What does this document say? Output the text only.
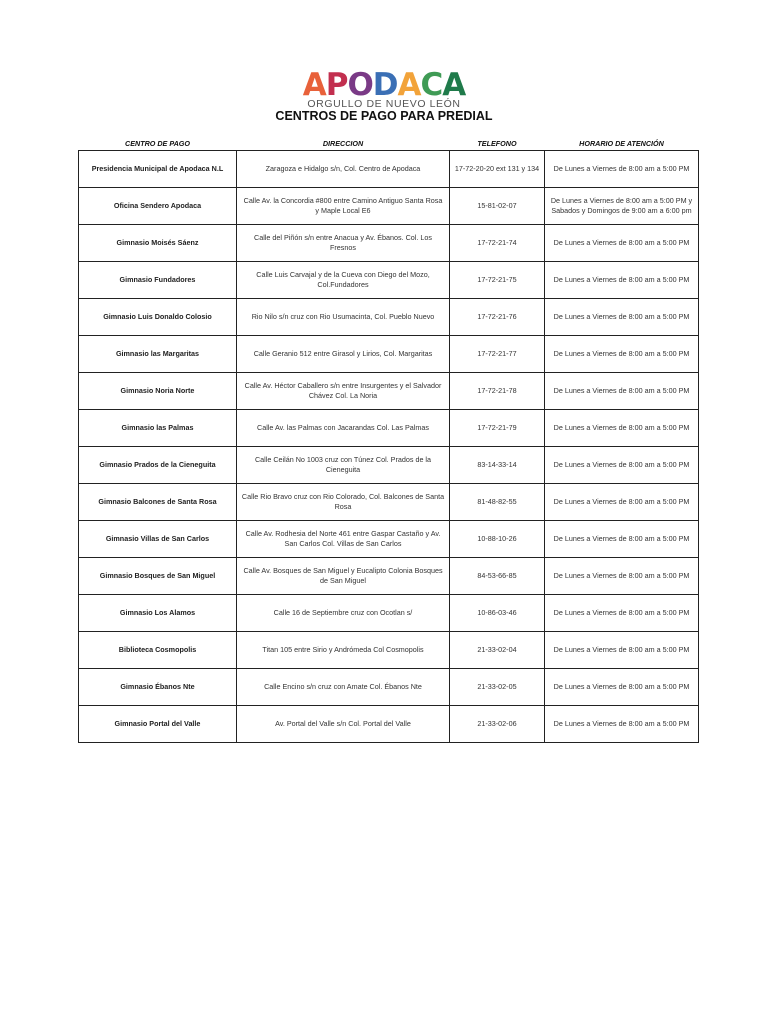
APODACA
ORGULLO DE NUEVO LEÓN
CENTROS DE PAGO PARA PREDIAL
CENTRO DE PAGO	DIRECCION	TELEFONO	HORARIO DE ATENCIÓN
Presidencia Municipal de Apodaca N.L	Zaragoza e Hidalgo s/n, Col. Centro de Apodaca	17-72-20-20 ext 131 y 134	De Lunes a Viernes de 8:00 am a 5:00 PM
Oficina Sendero Apodaca	Calle Av. la Concordia #800 entre Camino Antiguo Santa Rosa y Maple Local E6	15-81-02-07	De Lunes a Viernes de 8:00 am a 5:00 PM y Sabados y Domingos de 9:00 am a 6:00 pm
Gimnasio Moisés Sáenz	Calle del Piñón s/n entre Anacua y Av. Ébanos. Col. Los Fresnos	17-72-21-74	De Lunes a Viernes de 8:00 am a 5:00 PM
Gimnasio Fundadores	Calle Luis Carvajal y de la Cueva con Diego del Mozo, Col.Fundadores	17-72-21-75	De Lunes a Viernes de 8:00 am a 5:00 PM
Gimnasio Luis Donaldo Colosio	Rio Nilo s/n cruz con Rio Usumacinta, Col. Pueblo Nuevo	17-72-21-76	De Lunes a Viernes de 8:00 am a 5:00 PM
Gimnasio las Margaritas	Calle Geranio 512 entre Girasol y Lirios, Col. Margaritas	17-72-21-77	De Lunes a Viernes de 8:00 am a 5:00 PM
Gimnasio Noria Norte	Calle Av. Héctor Caballero s/n entre Insurgentes y el Salvador Chávez Col. La Noria	17-72-21-78	De Lunes a Viernes de 8:00 am a 5:00 PM
Gimnasio las Palmas	Calle Av. las Palmas con Jacarandas Col. Las Palmas	17-72-21-79	De Lunes a Viernes de 8:00 am a 5:00 PM
Gimnasio Prados de la Cieneguita	Calle Ceilán No 1003 cruz con Túnez Col. Prados de la Cieneguita	83-14-33-14	De Lunes a Viernes de 8:00 am a 5:00 PM
Gimnasio Balcones de Santa Rosa	Calle Rio Bravo cruz con Rio Colorado, Col. Balcones de Santa Rosa	81-48-82-55	De Lunes a Viernes de 8:00 am a 5:00 PM
Gimnasio Villas de San Carlos	Calle Av. Rodhesia del Norte 461 entre Gaspar Castaño y Av. San Carlos Col. Villas de San Carlos	10-88-10-26	De Lunes a Viernes de 8:00 am a 5:00 PM
Gimnasio Bosques de San Miguel	Calle Av. Bosques de San Miguel y Eucalipto Colonia Bosques de San Miguel	84-53-66-85	De Lunes a Viernes de 8:00 am a 5:00 PM
Gimnasio Los Alamos	Calle 16 de Septiembre cruz con Ocotlan s/	10-86-03-46	De Lunes a Viernes de 8:00 am a 5:00 PM
Biblioteca Cosmopolis	Titan 105 entre Sirio y Andrómeda Col Cosmopolis	21-33-02-04	De Lunes a Viernes de 8:00 am a 5:00 PM
Gimnasio Ébanos Nte	Calle Encino s/n cruz con Amate Col. Ébanos Nte	21-33-02-05	De Lunes a Viernes de 8:00 am a 5:00 PM
Gimnasio Portal del Valle	Av. Portal del Valle s/n Col. Portal del Valle	21-33-02-06	De Lunes a Viernes de 8:00 am a 5:00 PM
